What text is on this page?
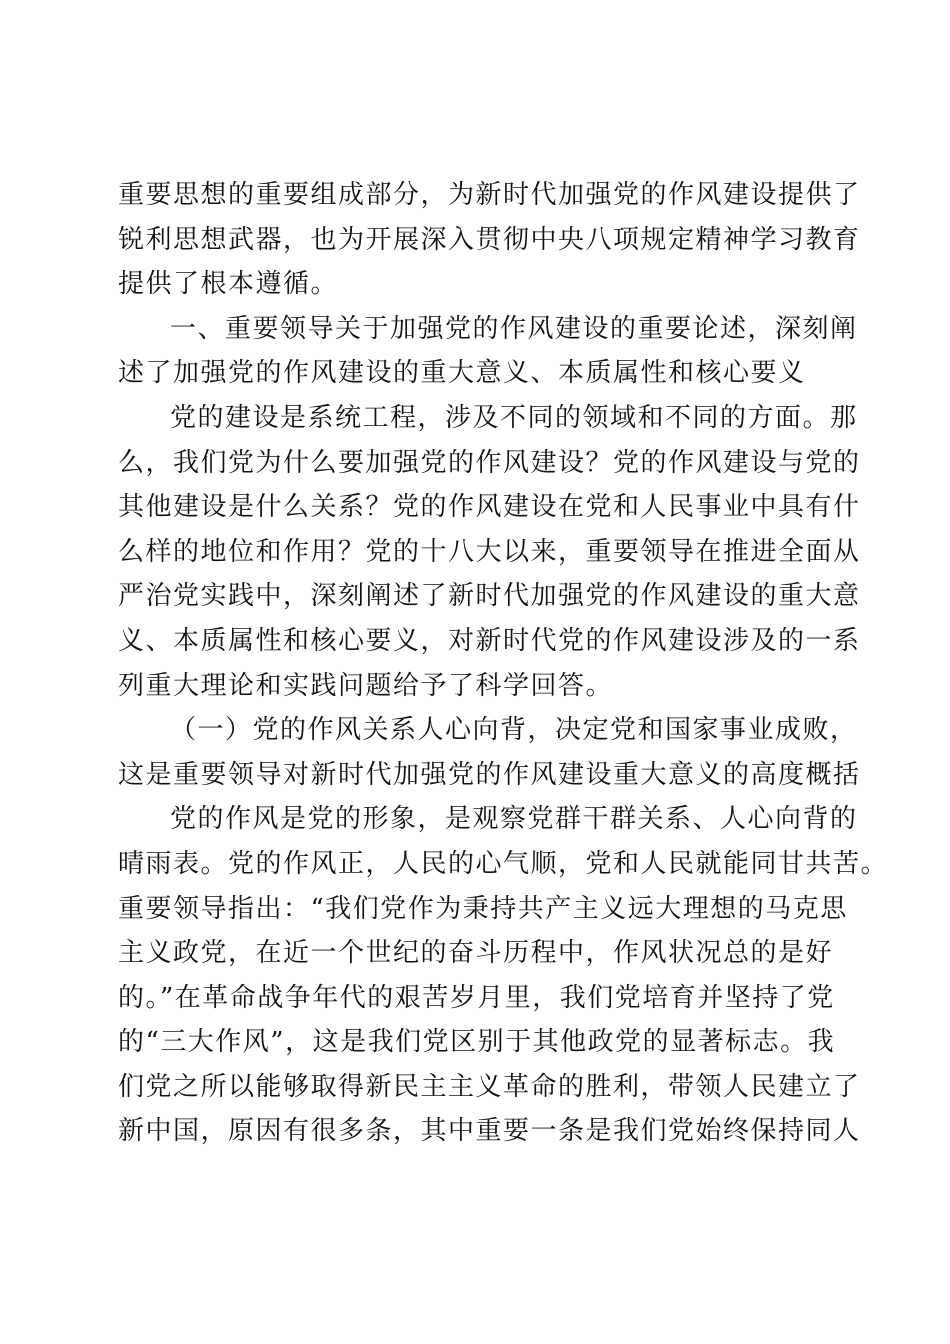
重要思想的重要组成部分，为新时代加强党的作风建设提供了

锐利思想武器，也为开展深入贯彻中央八项规定精神学习教育

提供了根本遵循。

一、重要领导关于加强党的作风建设的重要论述，深刻阐

述了加强党的作风建设的重大意义、本质属性和核心要义

党的建设是系统工程，涉及不同的领域和不同的方面。那

么，我们党为什么要加强党的作风建设？党的作风建设与党的

其他建设是什么关系？党的作风建设在党和人民事业中具有什

么样的地位和作用？党的十八大以来，重要领导在推进全面从

严治党实践中，深刻阐述了新时代加强党的作风建设的重大意

义、本质属性和核心要义，对新时代党的作风建设涉及的一系

列重大理论和实践问题给予了科学回答。

（一）党的作风关系人心向背，决定党和国家事业成败，

这是重要领导对新时代加强党的作风建设重大意义的高度概括

党的作风是党的形象，是观察党群干群关系、人心向背的

晴雨表。党的作风正，人民的心气顺，党和人民就能同甘共苦。

重要领导指出：“我们党作为秉持共产主义远大理想的马克思

主义政党，在近一个世纪的奋斗历程中，作风状况总的是好

的。”在革命战争年代的艰苦岁月里，我们党培育并坚持了党

的“三大作风”，这是我们党区别于其他政党的显著标志。我

们党之所以能够取得新民主主义革命的胜利，带领人民建立了

新中国，原因有很多条，其中重要一条是我们党始终保持同人
